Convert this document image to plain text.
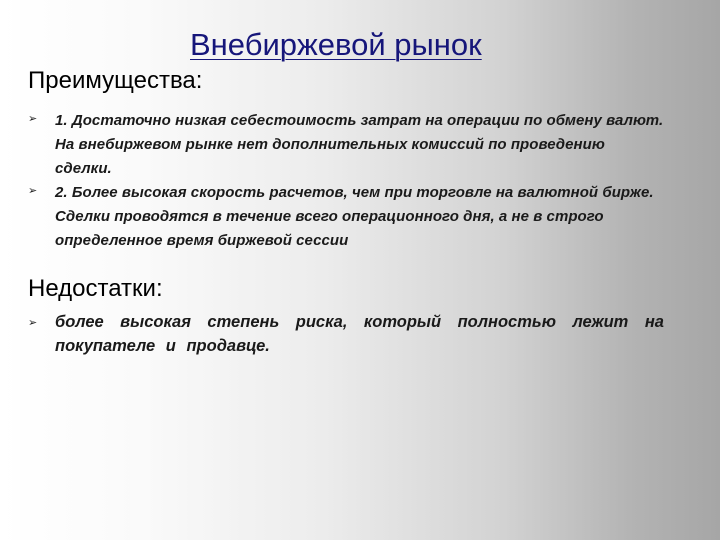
Внебиржевой рынок
Преимущества:
➢ 1. Достаточно низкая себестоимость затрат на операции по обмену валют. На внебиржевом рынке нет дополнительных комиссий по проведению сделки.
➢ 2. Более высокая скорость расчетов, чем при торговле на валютной бирже. Сделки проводятся в течение всего операционного дня, а не в строго определенное время биржевой сессии
Недостатки:
➢ более высокая степень риска, который полностью лежит на покупателе и продавце.
